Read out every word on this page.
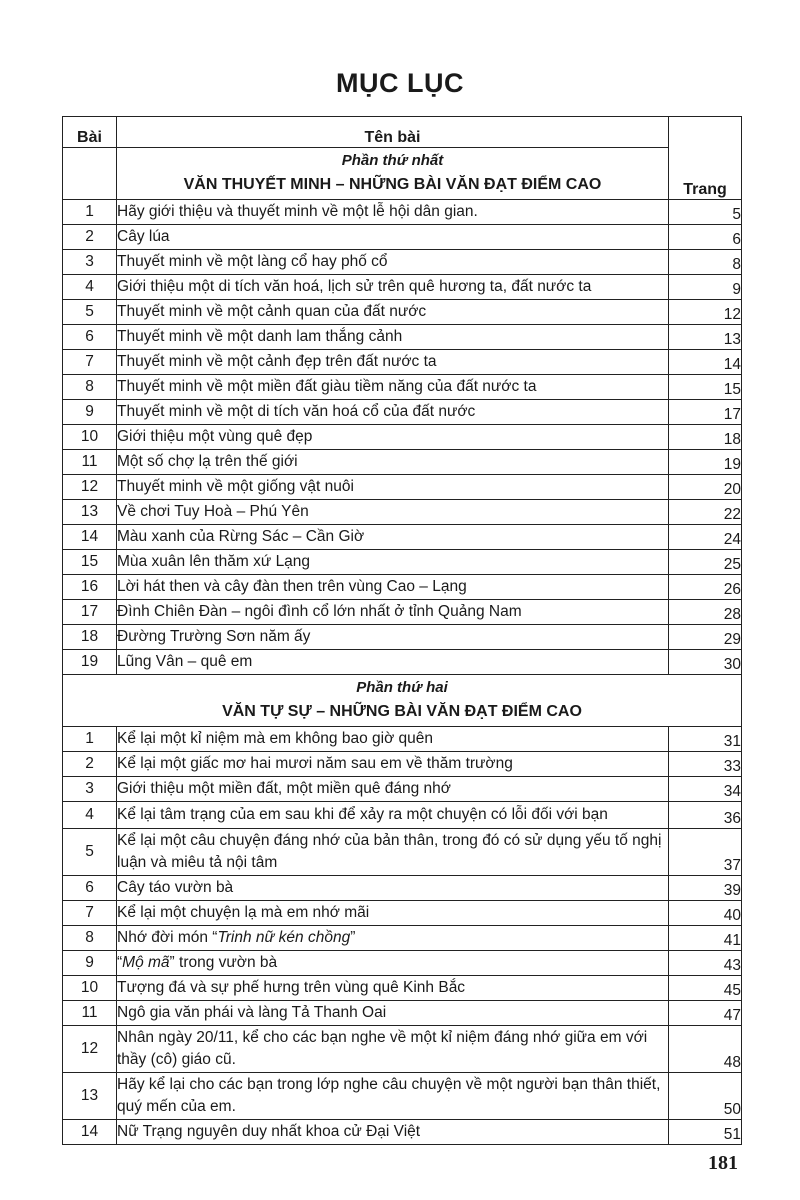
MỤC LỤC
Bài	Tên bài	Trang

	Phần thứ nhất
VĂN THUYẾT MINH – NHỮNG BÀI VĂN ĐẠT ĐIỂM CAO	

1	Hãy giới thiệu và thuyết minh về một lễ hội dân gian.	5
2	Cây lúa	6
3	Thuyết minh về một làng cổ hay phố cổ	8
4	Giới thiệu một di tích văn hoá, lịch sử trên quê hương ta, đất nước ta	9
5	Thuyết minh về một cảnh quan của đất nước	12
6	Thuyết minh về một danh lam thắng cảnh	13
7	Thuyết minh về một cảnh đẹp trên đất nước ta	14
8	Thuyết minh về một miền đất giàu tiềm năng của đất nước ta	15
9	Thuyết minh về một di tích văn hoá cổ của đất nước	17
10	Giới thiệu một vùng quê đẹp	18
11	Một số chợ lạ trên thế giới	19
12	Thuyết minh về một giống vật nuôi	20
13	Về chơi Tuy Hoà – Phú Yên	22
14	Màu xanh của Rừng Sác – Cần Giờ	24
15	Mùa xuân lên thăm xứ Lạng	25
16	Lời hát then và cây đàn then trên vùng Cao – Lạng	26
17	Đình Chiên Đàn – ngôi đình cổ lớn nhất ở tỉnh Quảng Nam	28
18	Đường Trường Sơn năm ấy	29
19	Lũng Vân – quê em	30

Phần thứ hai
VĂN TỰ SỰ – NHỮNG BÀI VĂN ĐẠT ĐIỂM CAO		

1	Kể lại một kỉ niệm mà em không bao giờ quên	31
2	Kể lại một giấc mơ hai mươi năm sau em về thăm trường	33
3	Giới thiệu một miền đất, một miền quê đáng nhớ	34
4	Kể lại tâm trạng của em sau khi để xảy ra một chuyện có lỗi đối với bạn	36
5	Kể lại một câu chuyện đáng nhớ của bản thân, trong đó có sử dụng yếu tố nghị luận và miêu tả nội tâm	37
6	Cây táo vườn bà	39
7	Kể lại một chuyện lạ mà em nhớ mãi	40
8	Nhớ đời món “Trinh nữ kén chồng”	41
9	“Mộ mã” trong vườn bà	43
10	Tượng đá và sự phế hưng trên vùng quê Kinh Bắc	45
11	Ngô gia văn phái và làng Tả Thanh Oai	47
12	Nhân ngày 20/11, kể cho các bạn nghe về một kỉ niệm đáng nhớ giữa em với thầy (cô) giáo cũ.	48
13	Hãy kể lại cho các bạn trong lớp nghe câu chuyện về một người bạn thân thiết, quý mến của em.	50
14	Nữ Trạng nguyên duy nhất khoa cử Đại Việt	51
181
